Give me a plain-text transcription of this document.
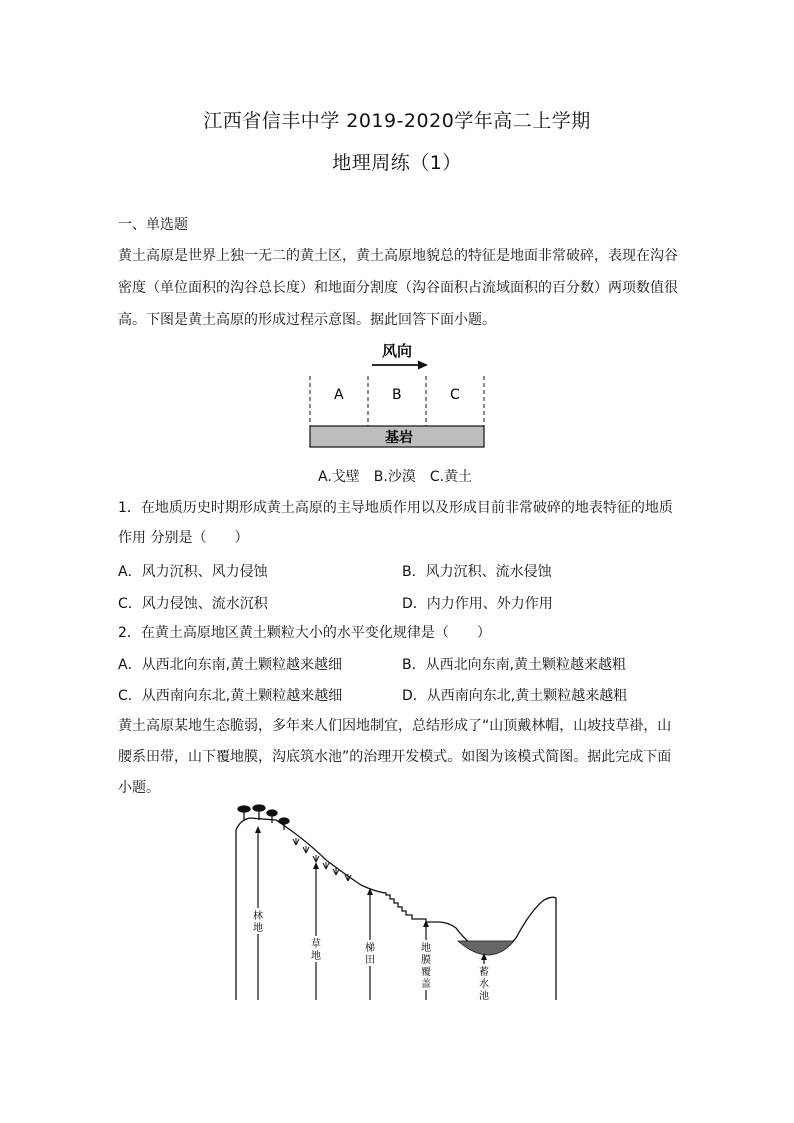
江西省信丰中学 2019-2020学年高二上学期
地理周练（1）
一、单选题
黄土高原是世界上独一无二的黄土区，黄土高原地貌总的特征是地面非常破碎，表现在沟谷
密度（单位面积的沟谷总长度）和地面分割度（沟谷面积占流域面积的百分数）两项数值很
高。下图是黄土高原的形成过程示意图。据此回答下面小题。
风向
A	B	C
基岩
A.戈壁　B.沙漠　C.黄土
1．在地质历史时期形成黄土高原的主导地质作用以及形成目前非常破碎的地表特征的地质
作用 分别是（　　）
A．风力沉积、风力侵蚀	B．风力沉积、流水侵蚀
C．风力侵蚀、流水沉积	D．内力作用、外力作用
2．在黄土高原地区黄土颗粒大小的水平变化规律是（　　）
A．从西北向东南,黄土颗粒越来越细	B．从西北向东南,黄土颗粒越来越粗
C．从西南向东北,黄土颗粒越来越细	D．从西南向东北,黄土颗粒越来越粗
黄土高原某地生态脆弱，多年来人们因地制宜，总结形成了“山顶戴林帽，山坡技草褂，山
腰系田带，山下覆地膜，沟底筑水池”的治理开发模式。如图为该模式简图。据此完成下面
小题。
林
地
草
地
梯
田
地
膜
覆
盖
蓄
水
池
